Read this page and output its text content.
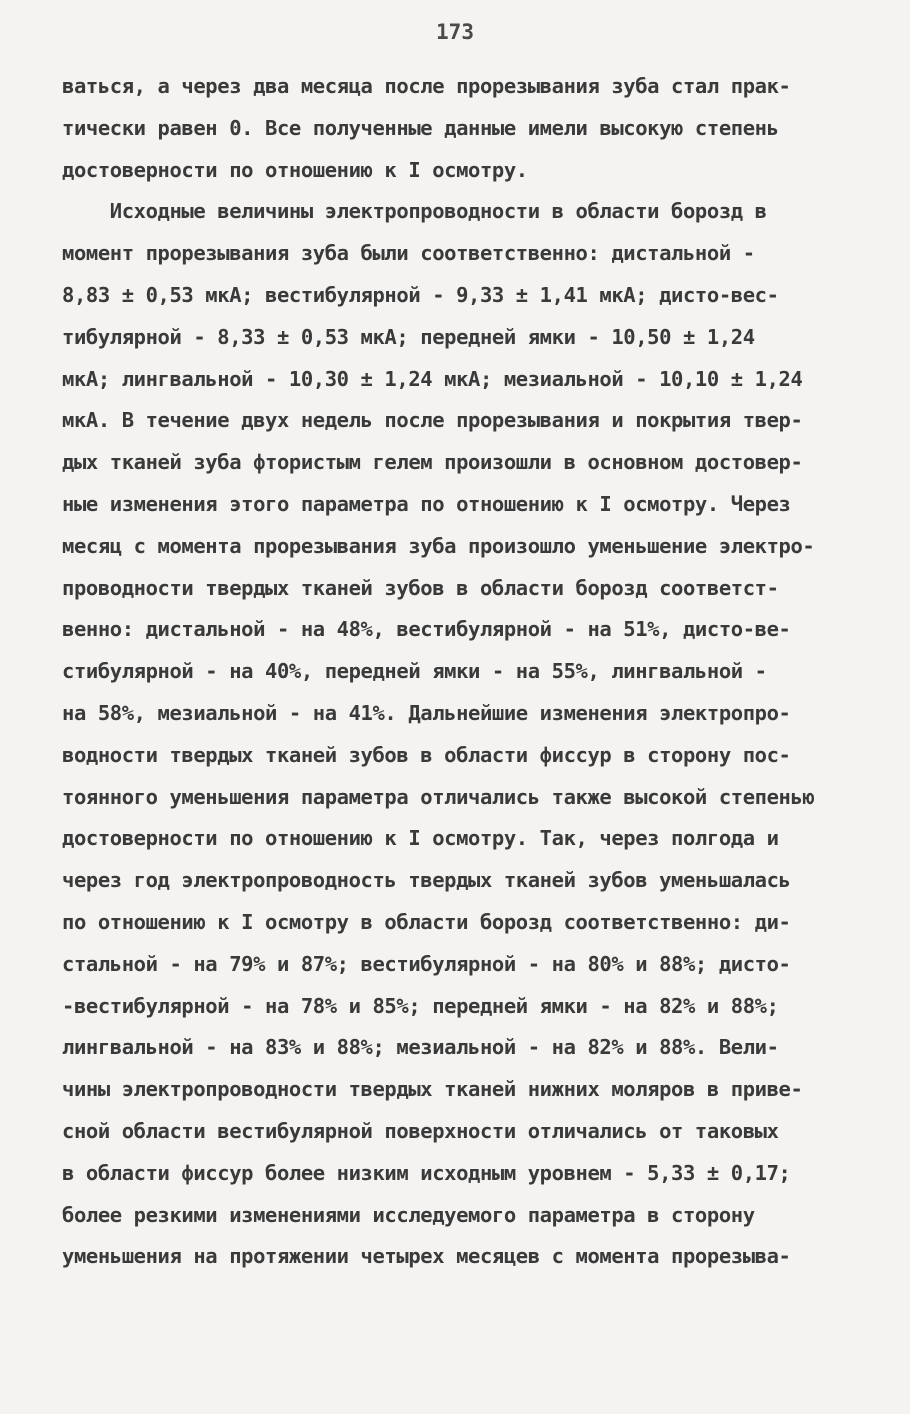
173
ваться, а через два месяца после прорезывания зуба стал прак-
тически равен 0. Все полученные данные имели высокую степень
достоверности по отношению к I осмотру.
Исходные величины электропроводности в области борозд в
момент прорезывания зуба были соответственно: дистальной -
8,83 ± 0,53 мкА; вестибулярной - 9,33 ± 1,41 мкА; дисто-вес-
тибулярной - 8,33 ± 0,53 мкА; передней ямки - 10,50 ± 1,24
мкА; лингвальной - 10,30 ± 1,24 мкА; мезиальной - 10,10 ± 1,24
мкА. В течение двух недель после прорезывания и покрытия твер-
дых тканей зуба фтористым гелем произошли в основном достовер-
ные изменения этого параметра по отношению к I осмотру. Через
месяц с момента прорезывания зуба произошло уменьшение электро-
проводности твердых тканей зубов в области борозд соответст-
венно: дистальной - на 48%, вестибулярной - на 51%, дисто-ве-
стибулярной - на 40%, передней ямки - на 55%, лингвальной -
на 58%, мезиальной - на 41%. Дальнейшие изменения электропро-
водности твердых тканей зубов в области фиссур в сторону пос-
тоянного уменьшения параметра отличались также высокой степенью
достоверности по отношению к I осмотру. Так, через полгода и
через год электропроводность твердых тканей зубов уменьшалась
по отношению к I осмотру в области борозд соответственно: ди-
стальной - на 79% и 87%; вестибулярной - на 80% и 88%; дисто-
-вестибулярной - на 78% и 85%; передней ямки - на 82% и 88%;
лингвальной - на 83% и 88%; мезиальной - на 82% и 88%. Вели-
чины электропроводности твердых тканей нижних моляров в приве-
сной области вестибулярной поверхности отличались от таковых
в области фиссур более низким исходным уровнем - 5,33 ± 0,17;
более резкими изменениями исследуемого параметра в сторону
уменьшения на протяжении четырех месяцев с момента прорезыва-
